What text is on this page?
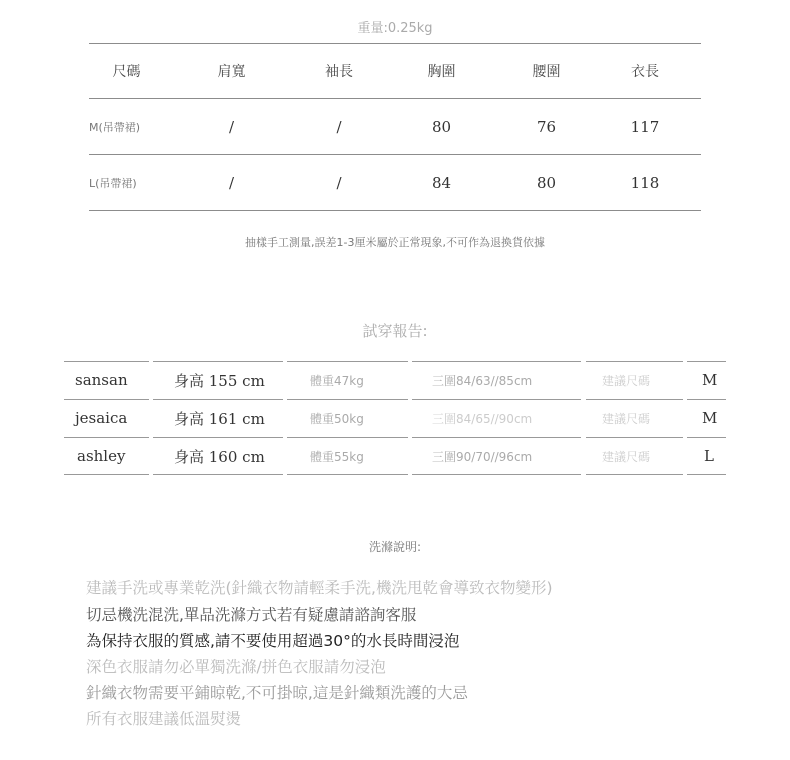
重量:0.25kg
尺碼	肩寬	袖長	胸圍	腰圍	衣長
M(吊帶裙)	/	/	80	76	117
L(吊帶裙)	/	/	84	80	118
抽樣手工測量,誤差1-3厘米屬於正常現象,不可作為退換貨依據
試穿報告:
sansan	身高 155 cm	體重47kg	三圍84/63//85cm	建議尺碼	M
jesaica	身高 161 cm	體重50kg	三圍84/65//90cm	建議尺碼	M
ashley	身高 160 cm	體重55kg	三圍90/70//96cm	建議尺碼	L
洗滌說明:
建議手洗或專業乾洗(針織衣物請輕柔手洗,機洗甩乾會導致衣物變形)
切忌機洗混洗,單品洗滌方式若有疑慮請諮詢客服
為保持衣服的質感,請不要使用超過30°的水長時間浸泡
深色衣服請勿必單獨洗滌/拼色衣服請勿浸泡
針織衣物需要平鋪晾乾,不可掛晾,這是針織類洗護的大忌
所有衣服建議低溫熨燙
